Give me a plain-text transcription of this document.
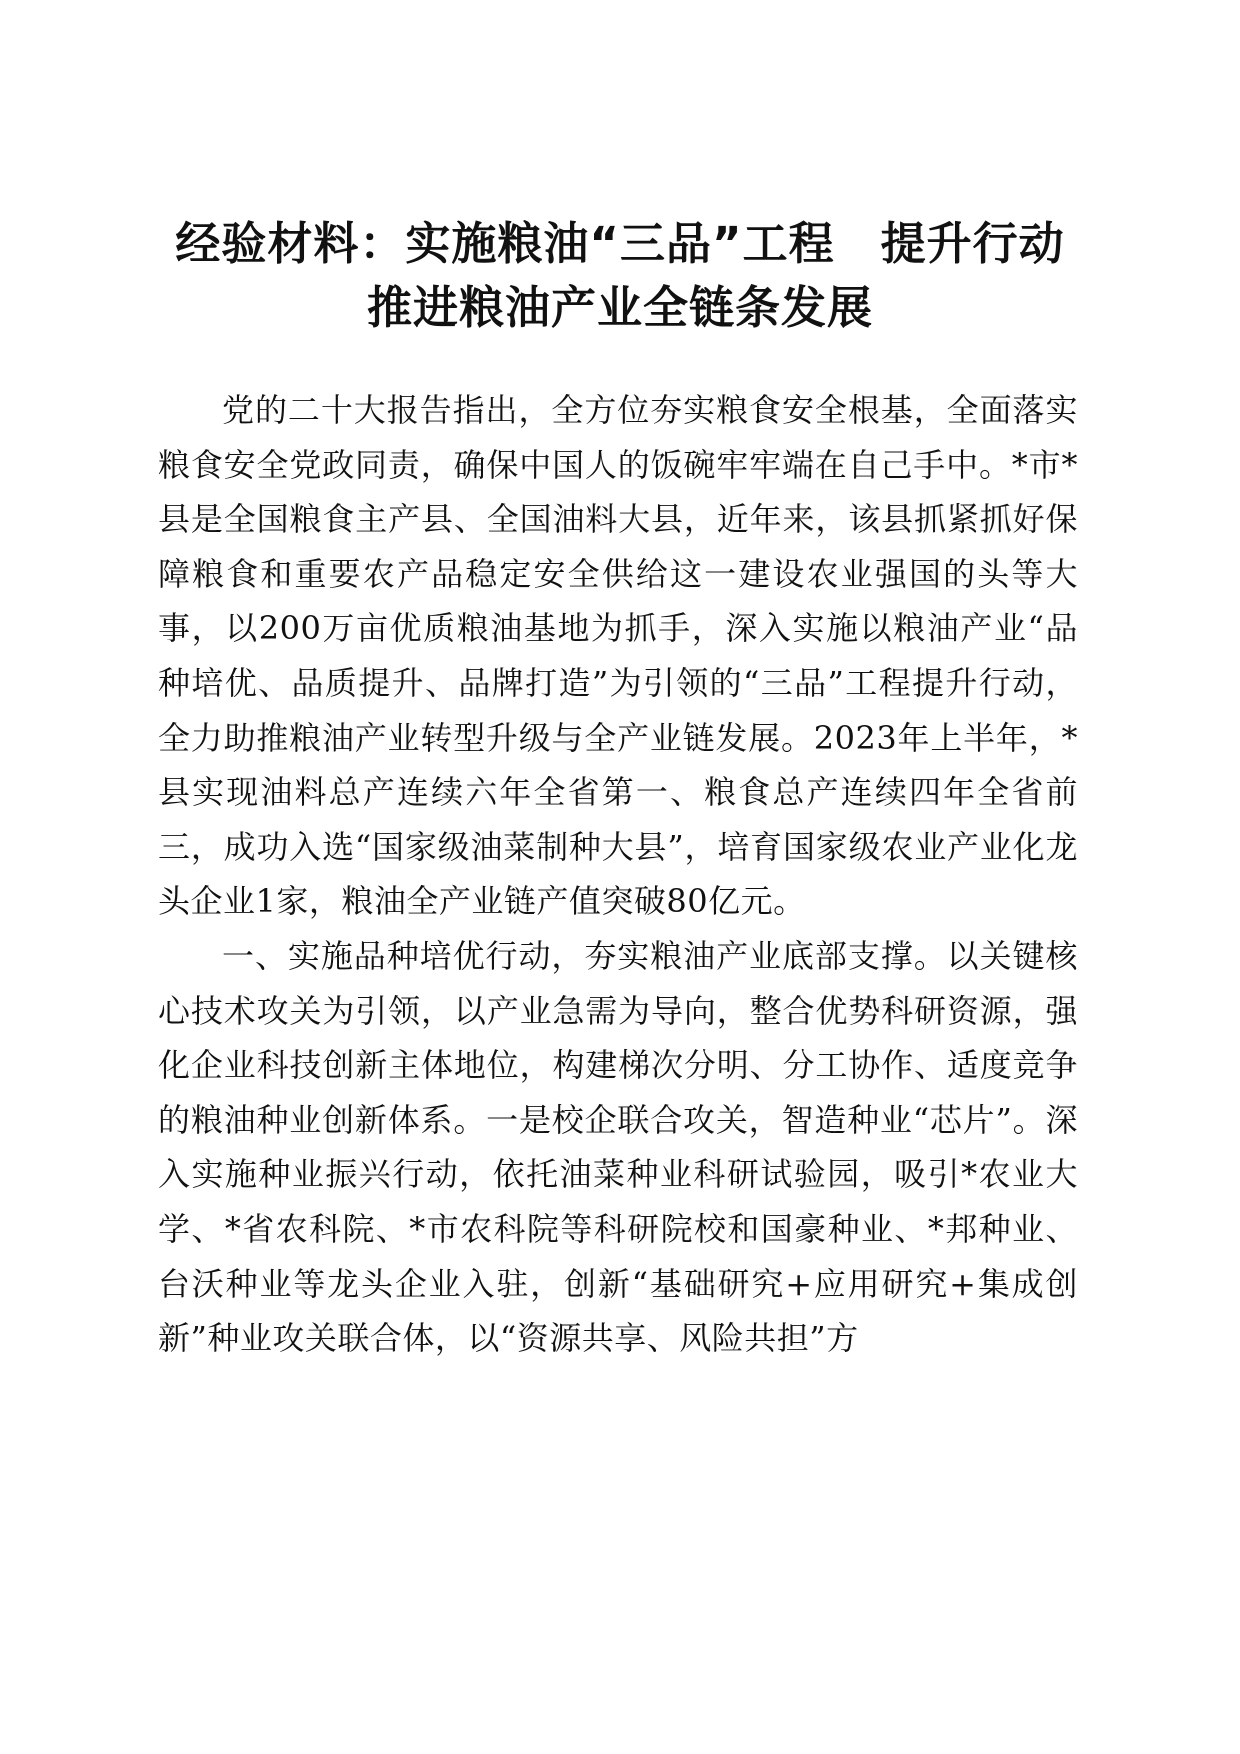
经验材料：实施粮油“三品”工程　提升行动
推进粮油产业全链条发展

党的二十大报告指出，全方位夯实粮食安全根基，全面落实粮食安全党政同责，确保中国人的饭碗牢牢端在自己手中。*市*县是全国粮食主产县、全国油料大县，近年来，该县抓紧抓好保障粮食和重要农产品稳定安全供给这一建设农业强国的头等大事，以200万亩优质粮油基地为抓手，深入实施以粮油产业“品种培优、品质提升、品牌打造”为引领的“三品”工程提升行动，全力助推粮油产业转型升级与全产业链发展。2023年上半年，*县实现油料总产连续六年全省第一、粮食总产连续四年全省前三，成功入选“国家级油菜制种大县”，培育国家级农业产业化龙头企业1家，粮油全产业链产值突破80亿元。

一、实施品种培优行动，夯实粮油产业底部支撑。以关键核心技术攻关为引领，以产业急需为导向，整合优势科研资源，强化企业科技创新主体地位，构建梯次分明、分工协作、适度竞争的粮油种业创新体系。一是校企联合攻关，智造种业“芯片”。深入实施种业振兴行动，依托油菜种业科研试验园，吸引*农业大学、*省农科院、*市农科院等科研院校和国豪种业、*邦种业、台沃种业等龙头企业入驻，创新“基础研究+应用研究+集成创新”种业攻关联合体，以“资源共享、风险共担”方
